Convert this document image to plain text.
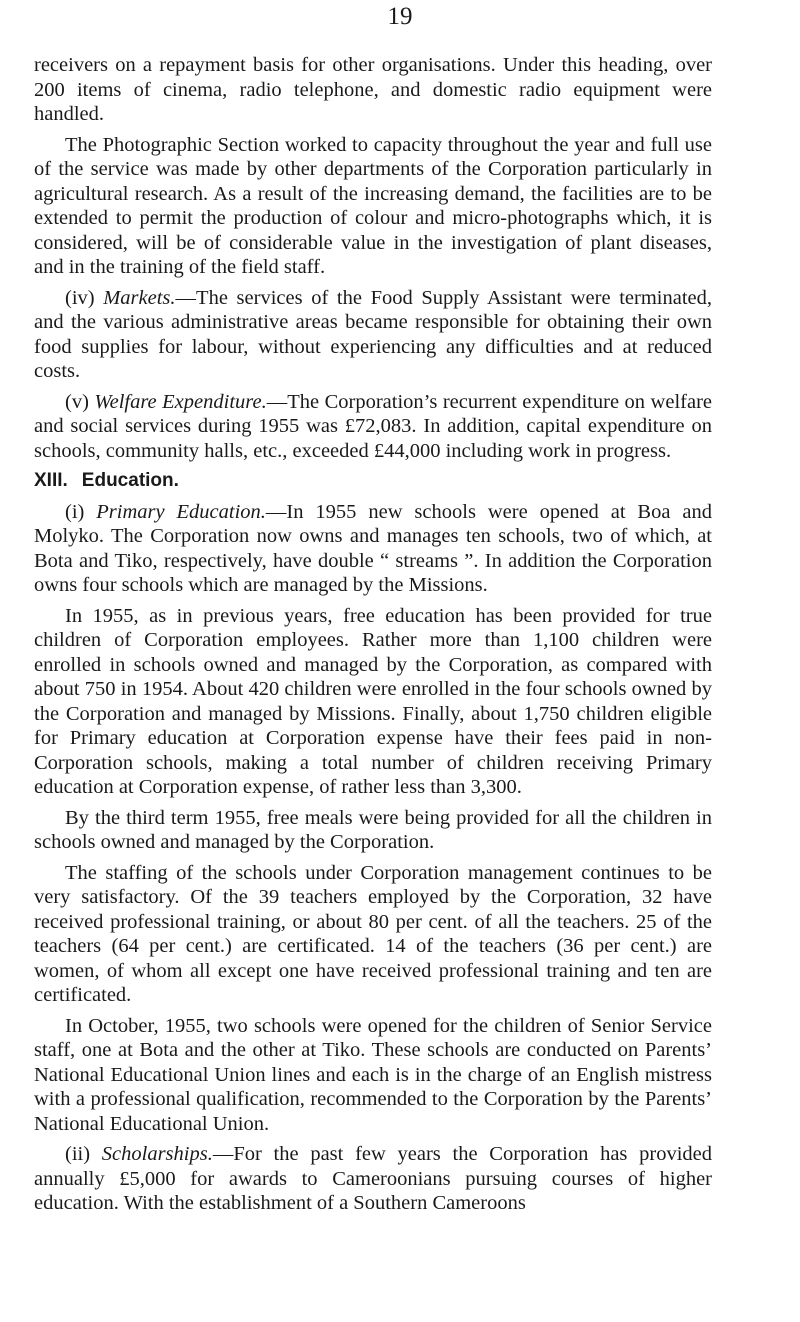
19

receivers on a repayment basis for other organisations. Under this heading, over 200 items of cinema, radio telephone, and domestic radio equipment were handled.

The Photographic Section worked to capacity throughout the year and full use of the service was made by other departments of the Corporation particularly in agricultural research. As a result of the increasing demand, the facilities are to be extended to permit the production of colour and micro-photographs which, it is considered, will be of considerable value in the investigation of plant diseases, and in the training of the field staff.

(iv) Markets.—The services of the Food Supply Assistant were terminated, and the various administrative areas became responsible for obtaining their own food supplies for labour, without experiencing any difficulties and at reduced costs.

(v) Welfare Expenditure.—The Corporation’s recurrent expenditure on welfare and social services during 1955 was £72,083. In addition, capital expenditure on schools, community halls, etc., exceeded £44,000 including work in progress.

XIII. Education.

(i) Primary Education.—In 1955 new schools were opened at Boa and Molyko. The Corporation now owns and manages ten schools, two of which, at Bota and Tiko, respectively, have double “ streams ”. In addition the Corporation owns four schools which are managed by the Missions.

In 1955, as in previous years, free education has been provided for true children of Corporation employees. Rather more than 1,100 children were enrolled in schools owned and managed by the Corporation, as compared with about 750 in 1954. About 420 children were enrolled in the four schools owned by the Corporation and managed by Missions. Finally, about 1,750 children eligible for Primary education at Corporation expense have their fees paid in non-Corporation schools, making a total number of children receiving Primary education at Corporation expense, of rather less than 3,300.

By the third term 1955, free meals were being provided for all the children in schools owned and managed by the Corporation.

The staffing of the schools under Corporation management continues to be very satisfactory. Of the 39 teachers employed by the Corporation, 32 have received professional training, or about 80 per cent. of all the teachers. 25 of the teachers (64 per cent.) are certificated. 14 of the teachers (36 per cent.) are women, of whom all except one have received professional training and ten are certificated.

In October, 1955, two schools were opened for the children of Senior Service staff, one at Bota and the other at Tiko. These schools are conducted on Parents’ National Educational Union lines and each is in the charge of an English mistress with a professional qualification, recommended to the Corporation by the Parents’ National Educational Union.

(ii) Scholarships.—For the past few years the Corporation has provided annually £5,000 for awards to Cameroonians pursuing courses of higher education. With the establishment of a Southern Cameroons
